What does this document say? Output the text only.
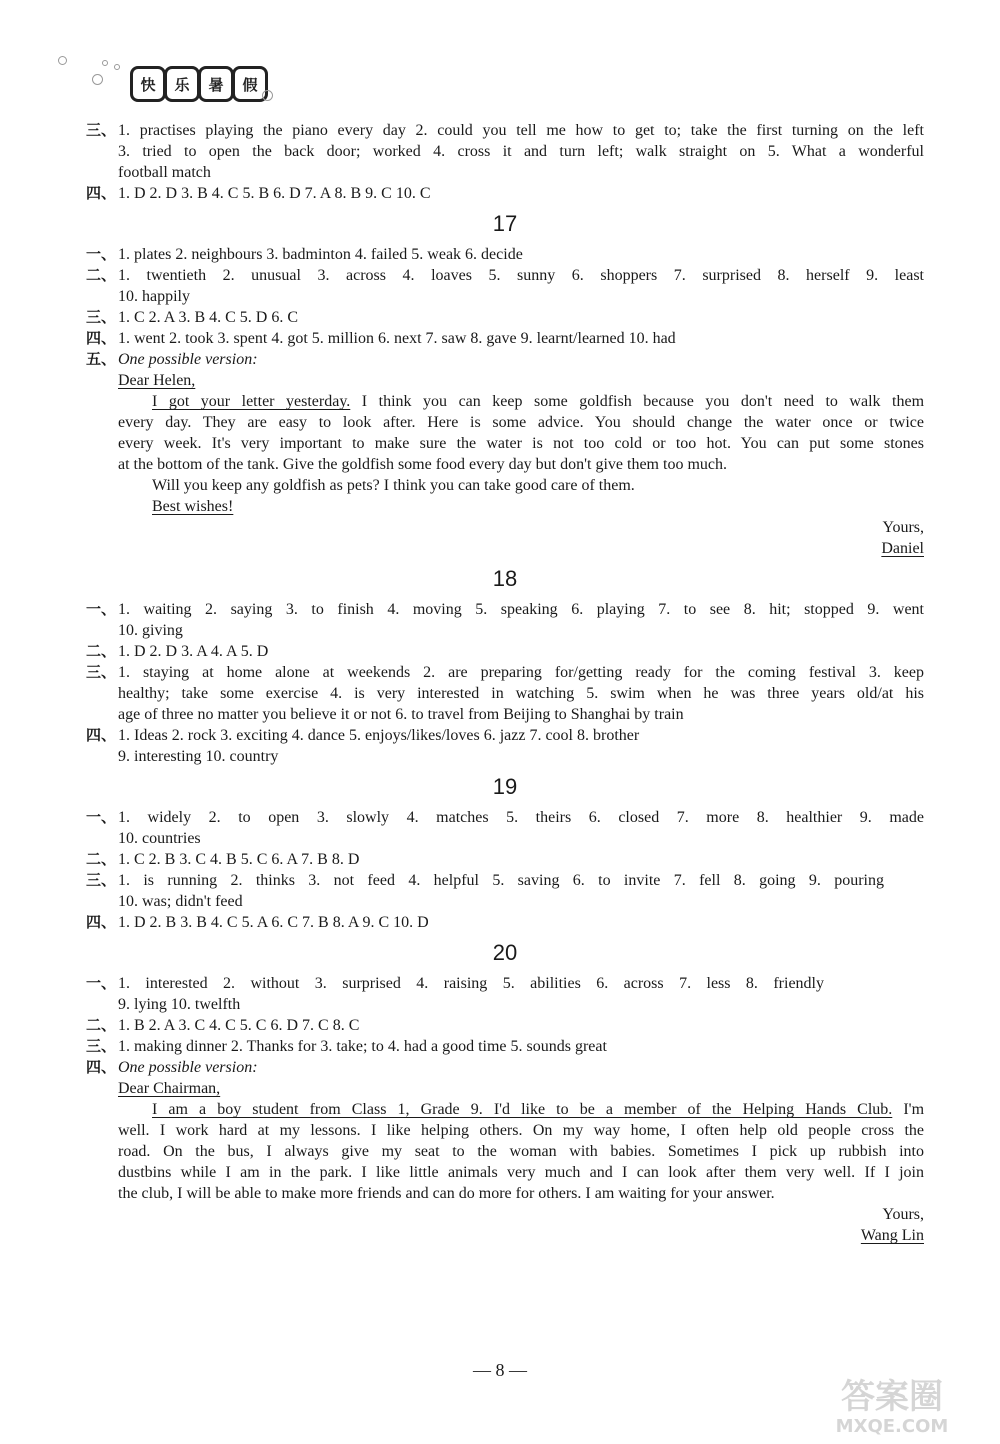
快	乐	暑	假
三、 1. practises playing the piano every day 2. could you tell me how to get to; take the first turning on the left
3. tried to open the back door; worked 4. cross it and turn left; walk straight on 5. What a wonderful
football match
四、 1. D 2. D 3. B 4. C 5. B 6. D 7. A 8. B 9. C 10. C
17
一、 1. plates 2. neighbours 3. badminton 4. failed 5. weak 6. decide
二、 1. twentieth 2. unusual 3. across 4. loaves 5. sunny 6. shoppers 7. surprised 8. herself 9. least
10. happily
三、 1. C 2. A 3. B 4. C 5. D 6. C
四、 1. went 2. took 3. spent 4. got 5. million 6. next 7. saw 8. gave 9. learnt/learned 10. had
五、 One possible version:
Dear Helen,
I got your letter yesterday. I think you can keep some goldfish because you don't need to walk them
every day. They are easy to look after. Here is some advice. You should change the water once or twice
every week. It's very important to make sure the water is not too cold or too hot. You can put some stones
at the bottom of the tank. Give the goldfish some food every day but don't give them too much.
Will you keep any goldfish as pets? I think you can take good care of them.
Best wishes!
Yours,
Daniel
18
一、 1. waiting 2. saying 3. to finish 4. moving 5. speaking 6. playing 7. to see 8. hit; stopped 9. went
10. giving
二、 1. D 2. D 3. A 4. A 5. D
三、 1. staying at home alone at weekends 2. are preparing for/getting ready for the coming festival 3. keep
healthy; take some exercise 4. is very interested in watching 5. swim when he was three years old/at his
age of three no matter you believe it or not 6. to travel from Beijing to Shanghai by train
四、 1. Ideas 2. rock 3. exciting 4. dance 5. enjoys/likes/loves 6. jazz 7. cool 8. brother
9. interesting 10. country
19
一、 1. widely 2. to open 3. slowly 4. matches 5. theirs 6. closed 7. more 8. healthier 9. made
10. countries
二、 1. C 2. B 3. C 4. B 5. C 6. A 7. B 8. D
三、 1. is running 2. thinks 3. not feed 4. helpful 5. saving 6. to invite 7. fell 8. going 9. pouring
10. was; didn't feed
四、 1. D 2. B 3. B 4. C 5. A 6. C 7. B 8. A 9. C 10. D
20
一、 1. interested 2. without 3. surprised 4. raising 5. abilities 6. across 7. less 8. friendly
9. lying 10. twelfth
二、 1. B 2. A 3. C 4. C 5. C 6. D 7. C 8. C
三、 1. making dinner 2. Thanks for 3. take; to 4. had a good time 5. sounds great
四、 One possible version:
Dear Chairman,
I am a boy student from Class 1, Grade 9. I'd like to be a member of the Helping Hands Club. I'm
well. I work hard at my lessons. I like helping others. On my way home, I often help old people cross the
road. On the bus, I always give my seat to the woman with babies. Sometimes I pick up rubbish into
dustbins while I am in the park. I like little animals very much and I can look after them very well. If I join
the club, I will be able to make more friends and can do more for others. I am waiting for your answer.
Yours,
Wang Lin
— 8 —
答案圈
MXQE.COM
